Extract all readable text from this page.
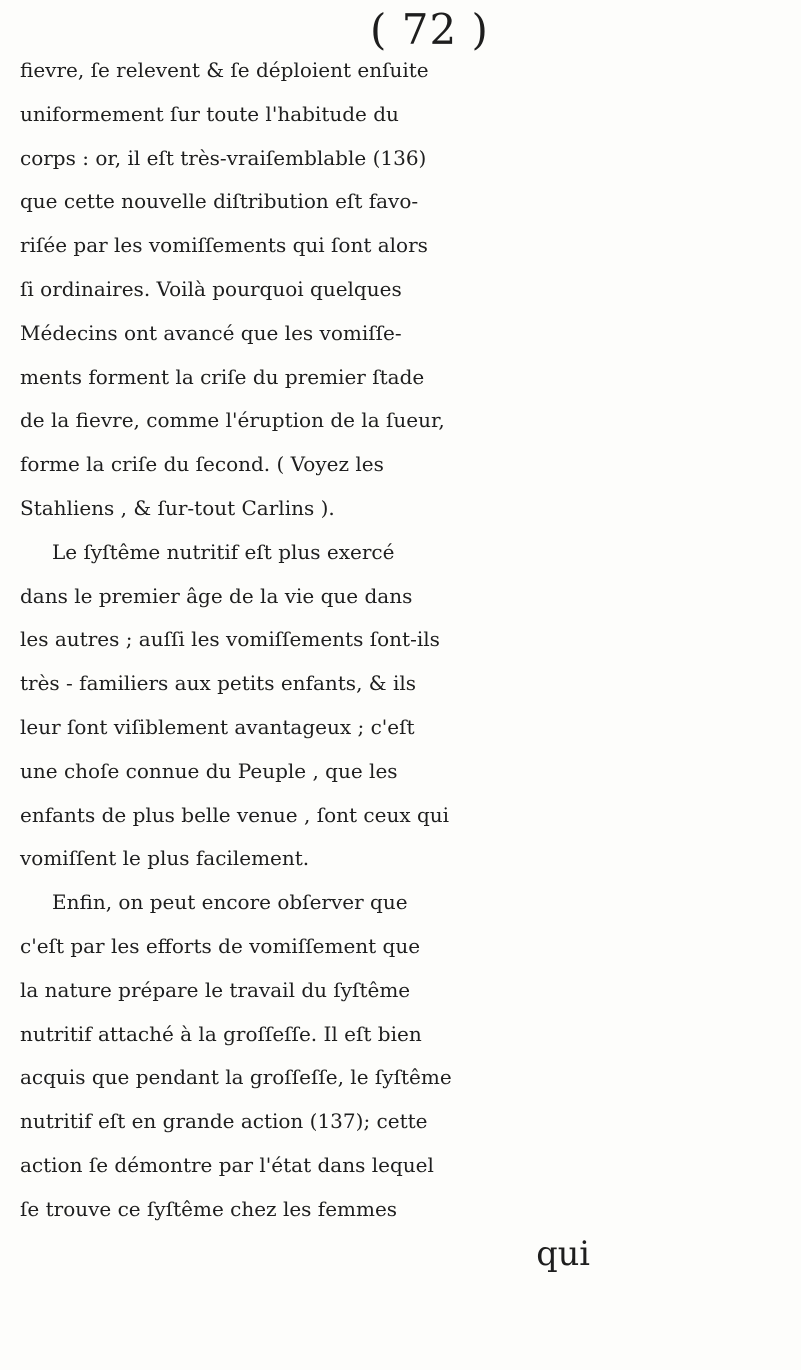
( 72 )
fievre, ſe relevent & ſe déploient enſuite
uniformement ſur toute l'habitude du
corps : or, il eſt très-vraiſemblable (136)
que cette nouvelle diſtribution eſt favo-
riſée par les vomiſſements qui ſont alors
ſi ordinaires. Voilà pourquoi quelques
Médecins ont avancé que les vomiſſe-
ments forment la criſe du premier ſtade
de la fievre, comme l'éruption de la ſueur,
forme la criſe du ſecond. ( Voyez les
Stahliens , & ſur-tout Carlins ).
Le ſyſtême nutritif eſt plus exercé
dans le premier âge de la vie que dans
les autres ; auſſi les vomiſſements ſont-ils
très - familiers aux petits enfants, & ils
leur ſont viſiblement avantageux ; c'eſt
une choſe connue du Peuple , que les
enfants de plus belle venue , ſont ceux qui
vomiſſent le plus facilement.
Enfin, on peut encore obſerver que
c'eſt par les efforts de vomiſſement que
la nature prépare le travail du ſyſtême
nutritif attaché à la groſſeſſe. Il eſt bien
acquis que pendant la groſſeſſe, le ſyſtême
nutritif eſt en grande action (137); cette
action ſe démontre par l'état dans lequel
ſe trouve ce ſyſtême chez les femmes
qui
